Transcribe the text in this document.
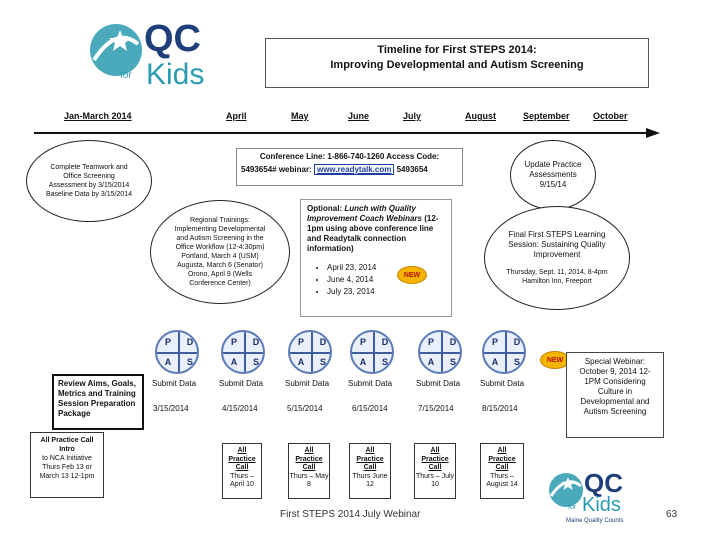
QC
for Kids
Timeline for First STEPS 2014:
Improving Developmental and Autism Screening
Jan-March 2014	April	May	June	July	August	September	October
Complete Teamwork and Office Screening Assessment by 3/15/2014 Baseline Data by 3/15/2014
Regional Trainings: Implementing Developmental and Autism Screening in the Office Workflow (12-4:30pm) Portland, March 4 (USM) Augusta, March 6 (Senator) Orono, April 9 (Wells Conference Center)
Conference Line: 1-866-740-1260 Access Code:
5493654# webinar: www.readytalk.com 5493654
Optional: Lunch with Quality Improvement Coach Webinars (12-1pm using above conference line and Readytalk connection information)
• April 23, 2014
• June 4, 2014
• July 23, 2014
NEW
Update Practice Assessments 9/15/14
Final First STEPS Learning Session: Sustaining Quality Improvement
Thursday, Sept. 11, 2014, 8-4pm Hamilton Inn, Freeport
P	D
A	S
P	D
A	S
P	D
A	S
P	D
A	S
P	D
A	S
P	D
A	S	NEW	Special Webinar: October 9, 2014 12-1PM Considering Culture in Developmental and Autism Screening
Review Aims, Goals, Metrics and Training Session Preparation Package
Submit Data	Submit Data	Submit Data Submit Data	Submit Data Submit Data
3/15/2014	4/15/2014	5/15/2014	6/15/2014	7/15/2014	8/15/2014
All Practice Call Intro
to NCA Initiative Thurs Feb 13 or March 13 12-1pm
All
Practice
Call
Thurs – April 10
All
Practice
Call
Thurs – May 8
All
Practice
Call
Thurs June 12
All
Practice
Call
Thurs – July 10
All
Practice
Call
Thurs – August 14
First STEPS 2014 July Webinar	63
QC
for Kids
Maine Quality Counts
